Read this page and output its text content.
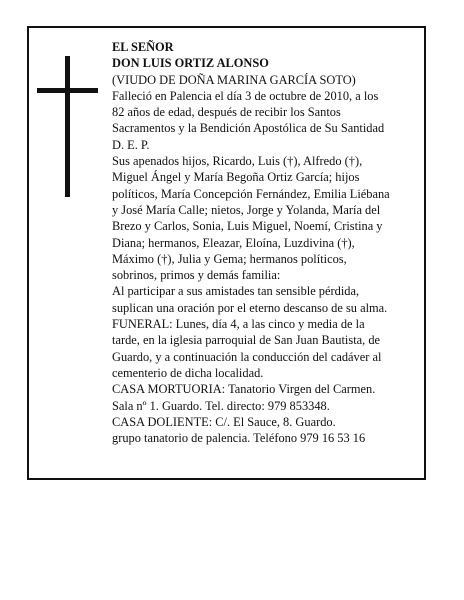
EL SEÑOR
DON LUIS ORTIZ ALONSO
(VIUDO DE DOÑA MARINA GARCÍA SOTO)
Falleció en Palencia el día 3 de octubre de 2010, a los
82 años de edad, después de recibir los Santos
Sacramentos y la Bendición Apostólica de Su Santidad
D. E. P.
Sus apenados hijos, Ricardo, Luis (†), Alfredo (†),
Miguel Ángel y María Begoña Ortiz García; hijos
políticos, María Concepción Fernández, Emilia Liébana
y José María Calle; nietos, Jorge y Yolanda, María del
Brezo y Carlos, Sonia, Luis Miguel, Noemí, Cristina y
Diana; hermanos, Eleazar, Eloína, Luzdivina (†),
Máximo (†), Julia y Gema; hermanos políticos,
sobrinos, primos y demás familia:
Al participar a sus amistades tan sensible pérdida,
suplican una oración por el eterno descanso de su alma.
FUNERAL: Lunes, día 4, a las cinco y media de la
tarde, en la iglesia parroquial de San Juan Bautista, de
Guardo, y a continuación la conducción del cadáver al
cementerio de dicha localidad.
CASA MORTUORIA: Tanatorio Virgen del Carmen.
Sala nº 1. Guardo. Tel. directo: 979 853348.
CASA DOLIENTE: C/. El Sauce, 8. Guardo.
grupo tanatorio de palencia. Teléfono 979 16 53 16
